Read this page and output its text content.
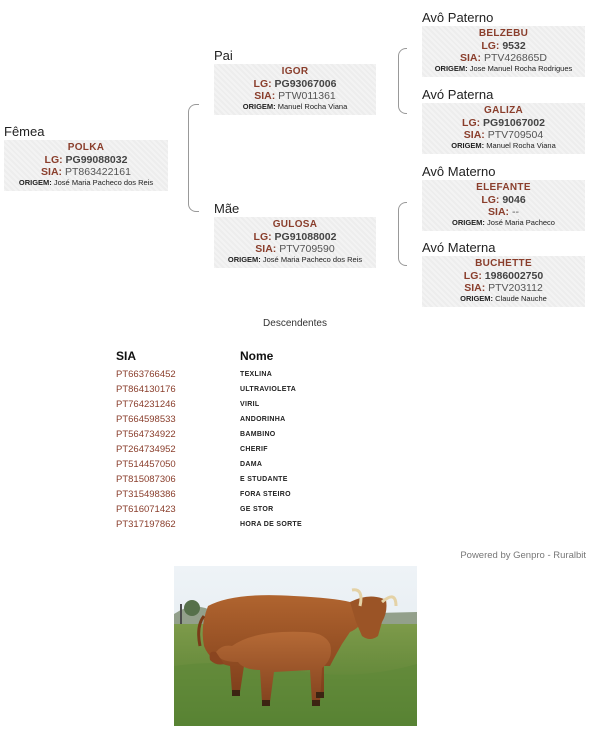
Fêmea
POLKA
LG: PG99088032
SIA: PT863422161
ORIGEM: José Maria Pacheco dos Reis
Pai
IGOR
LG: PG93067006
SIA: PTW011361
ORIGEM: Manuel Rocha Viana
Mãe
GULOSA
LG: PG91088002
SIA: PTV709590
ORIGEM: José Maria Pacheco dos Reis
Avô Paterno
BELZEBU
LG: 9532
SIA: PTV426865D
ORIGEM: Jose Manuel Rocha Rodrigues
Avó Paterna
GALIZA
LG: PG91067002
SIA: PTV709504
ORIGEM: Manuel Rocha Viana
Avô Materno
ELEFANTE
LG: 9046
SIA: --
ORIGEM: José Maria Pacheco
Avó Materna
BUCHETTE
LG: 1986002750
SIA: PTV203112
ORIGEM: Claude Nauche
Descendentes
SIA	Nome
PT663766452	TEXLINA
PT864130176	ULTRAVIOLETA
PT764231246	VIRIL
PT664598533	ANDORINHA
PT564734922	BAMBINO
PT264734952	CHERIF
PT514457050	DAMA
PT815087306	E STUDANTE
PT315498386	FORA STEIRO
PT616071423	GE STOR
PT317197862	HORA DE SORTE
Powered by Genpro - Ruralbit
